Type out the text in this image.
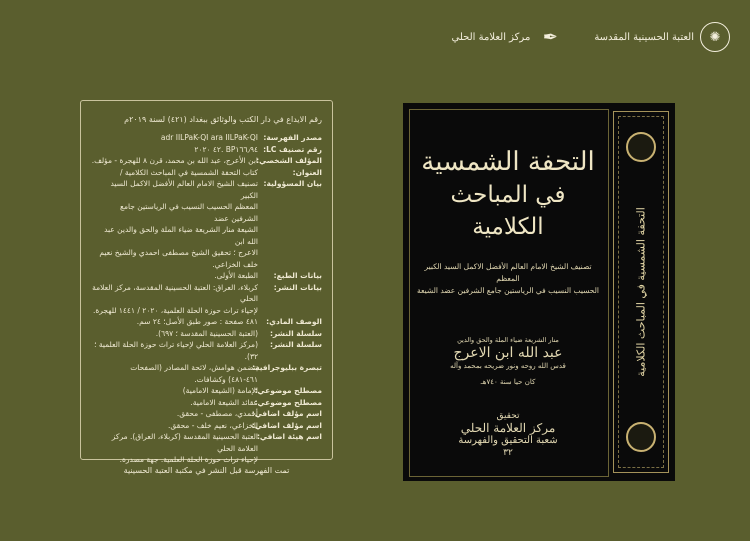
✺
العتبة الحسينية المقدسة
✒
مركز العلامة الحلي
رقم الايداع في دار الكتب والوثائق ببغداد (٤٢١) لسنة ٢٠١٩م
مصدر الفهرسة:

adr IILPaK-QI ara IILPaK-QI

رقم تصنيف LC:

BP١٦٦٫٩٤ .٤٢ ٢٠٢٠

المؤلف الشخصي:

ابن الأعرج، عبد الله بن محمد، قرن ٨ للهجرة - مؤلف.

العنوان:

كتاب التحفة الشمسية في المباحث الكلامية /

بيان المسؤولية:

تصنيف الشيخ الامام العالم الأفضل الاكمل السيد الكبير

المعظم الحسيب النسيب في الرياستين جامع الشرفين عضد

الشيعة منار الشريعة ضياء الملة والحق والدين عبد الله ابن

الاعرج ؛ تحقيق الشيخ مصطفى احمدي والشيخ نعيم

خلف الخزاعي.

بيانات الطبع:

الطبعة الأولى.

بيانات النشر:

كربلاء، العراق: العتبة الحسينية المقدسة، مركز العلامة الحلي

لإحياء تراث حوزة الحلة العلمية، ٢٠٢٠ / ١٤٤١ للهجرة.

الوصف المادي:

٤٨١ صفحة : صور طبق الأصل؛ ٢٤ سم.

سلسلة النشر:

(العتبة الحسينية المقدسة ؛ ٦٩٧).

سلسلة النشر:

(مركز العلامة الحلي لإحياء تراث حوزة الحلة العلمية ؛ ٣٢).

تبصرة ببليوجرافية:

يتضمن هوامش، لائحة المصادر (الصفحات

٤٦١-٤٨١) وكشافات.

مصطلح موضوعي:

الإمامة (الشيعة الامامية)

مصطلح موضوعي:

عقائد الشيعة الامامية.

اسم مؤلف اضافي:

أحمدي، مصطفى - محقق.

اسم مؤلف اضافي:

الخزاعي، نعيم خلف - محقق.

اسم هيئة اضافي:

العتبة الحسينية المقدسة (كربلاء، العراق). مركز العلامة الحلي

لإحياء تراث حوزة الحلة العلمية. جهة مصدرة.

تمت الفهرسة قبل النشر في مكتبة العتبة الحسينية
التحفة الشمسية
في المباحث الكلامية
تصنيف الشيخ الامام العالم الأفضل الاكمل السيد الكبير المعظم
الحسيب النسيب في الرياستين جامع الشرفين عضد الشيعة
منار الشريعة ضياء الملة والحق والدين
عبد الله ابن الاعرج
قدس الله روحه ونور ضريحه بمحمد وآله
كان حيا سنة ٧٤٠هـ
تحقيق
مركز العلامة الحلي
شعبة التحقيق والفهرسة
٣٢
التحفة الشمسية في المباحث الكلامية
